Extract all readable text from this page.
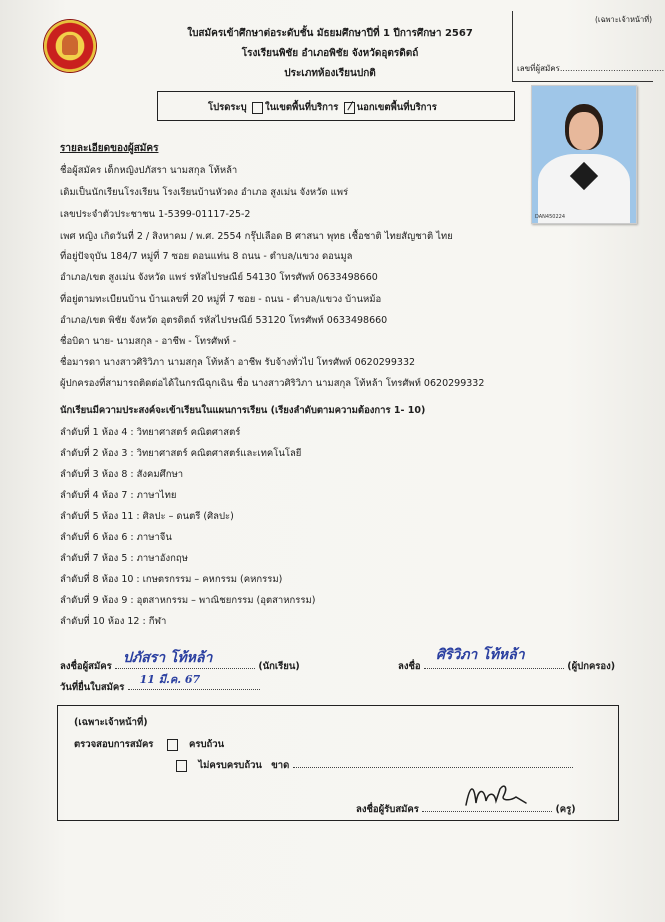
ใบสมัครเข้าศึกษาต่อระดับชั้น มัธยมศึกษาปีที่ 1 ปีการศึกษา 2567
โรงเรียนพิชัย อำเภอพิชัย จังหวัดอุตรดิตถ์
ประเภทห้องเรียนปกติ
(เฉพาะเจ้าหน้าที่)
เลขที่ผู้สมัคร.........................................
โปรดระบุ ในเขตพื้นที่บริการ นอกเขตพื้นที่บริการ
DAN450224
รายละเอียดของผู้สมัคร
ชื่อผู้สมัคร เด็กหญิงปภัสรา นามสกุล โท้หล้า
เดิมเป็นนักเรียนโรงเรียน โรงเรียนบ้านหัวดง อำเภอ สูงเม่น จังหวัด แพร่
เลขประจำตัวประชาชน 1-5399-01117-25-2
เพศ หญิง เกิดวันที่ 2 / สิงหาคม / พ.ศ. 2554 กรุ๊ปเลือด B ศาสนา พุทธ เชื้อชาติ ไทยสัญชาติ ไทย
ที่อยู่ปัจจุบัน 184/7 หมู่ที่ 7 ซอย ดอนแท่น 8 ถนน - ตำบล/แขวง ดอนมูล
อำเภอ/เขต สูงเม่น จังหวัด แพร่ รหัสไปรษณีย์ 54130 โทรศัพท์ 0633498660
ที่อยู่ตามทะเบียนบ้าน บ้านเลขที่ 20 หมู่ที่ 7 ซอย - ถนน - ตำบล/แขวง บ้านหม้อ
อำเภอ/เขต พิชัย จังหวัด อุตรดิตถ์ รหัสไปรษณีย์ 53120 โทรศัพท์ 0633498660
ชื่อบิดา นาย- นามสกุล - อาชีพ - โทรศัพท์ -
ชื่อมารดา นางสาวศิริวิภา นามสกุล โท้หล้า อาชีพ รับจ้างทั่วไป โทรศัพท์ 0620299332
ผู้ปกครองที่สามารถติดต่อได้ในกรณีฉุกเฉิน ชื่อ นางสาวศิริวิภา นามสกุล โท้หล้า โทรศัพท์ 0620299332
นักเรียนมีความประสงค์จะเข้าเรียนในแผนการเรียน (เรียงลำดับตามความต้องการ 1- 10)
ลำดับที่ 1 ห้อง 4 : วิทยาศาสตร์ คณิตศาสตร์
ลำดับที่ 2 ห้อง 3 : วิทยาศาสตร์ คณิตศาสตร์และเทคโนโลยี
ลำดับที่ 3 ห้อง 8 : สังคมศึกษา
ลำดับที่ 4 ห้อง 7 : ภาษาไทย
ลำดับที่ 5 ห้อง 11 : ศิลปะ – ดนตรี (ศิลปะ)
ลำดับที่ 6 ห้อง 6 : ภาษาจีน
ลำดับที่ 7 ห้อง 5 : ภาษาอังกฤษ
ลำดับที่ 8 ห้อง 10 : เกษตรกรรม – คหกรรม (คหกรรม)
ลำดับที่ 9 ห้อง 9 : อุตสาหกรรม – พาณิชยกรรม (อุตสาหกรรม)
ลำดับที่ 10 ห้อง 12 : กีฬา
ลงชื่อผู้สมัคร
ปภัสรา โท้หล้า
(นักเรียน)	ลงชื่อ
ศิริวิภา โท้หล้า
(ผู้ปกครอง)
วันที่ยื่นใบสมัคร
11 มี.ค. 67
(เฉพาะเจ้าหน้าที่)
ตรวจสอบการสมัคร	ครบถ้วน
ไม่ครบครบถ้วน ขาด
ลงชื่อผู้รับสมัคร	(ครู)
